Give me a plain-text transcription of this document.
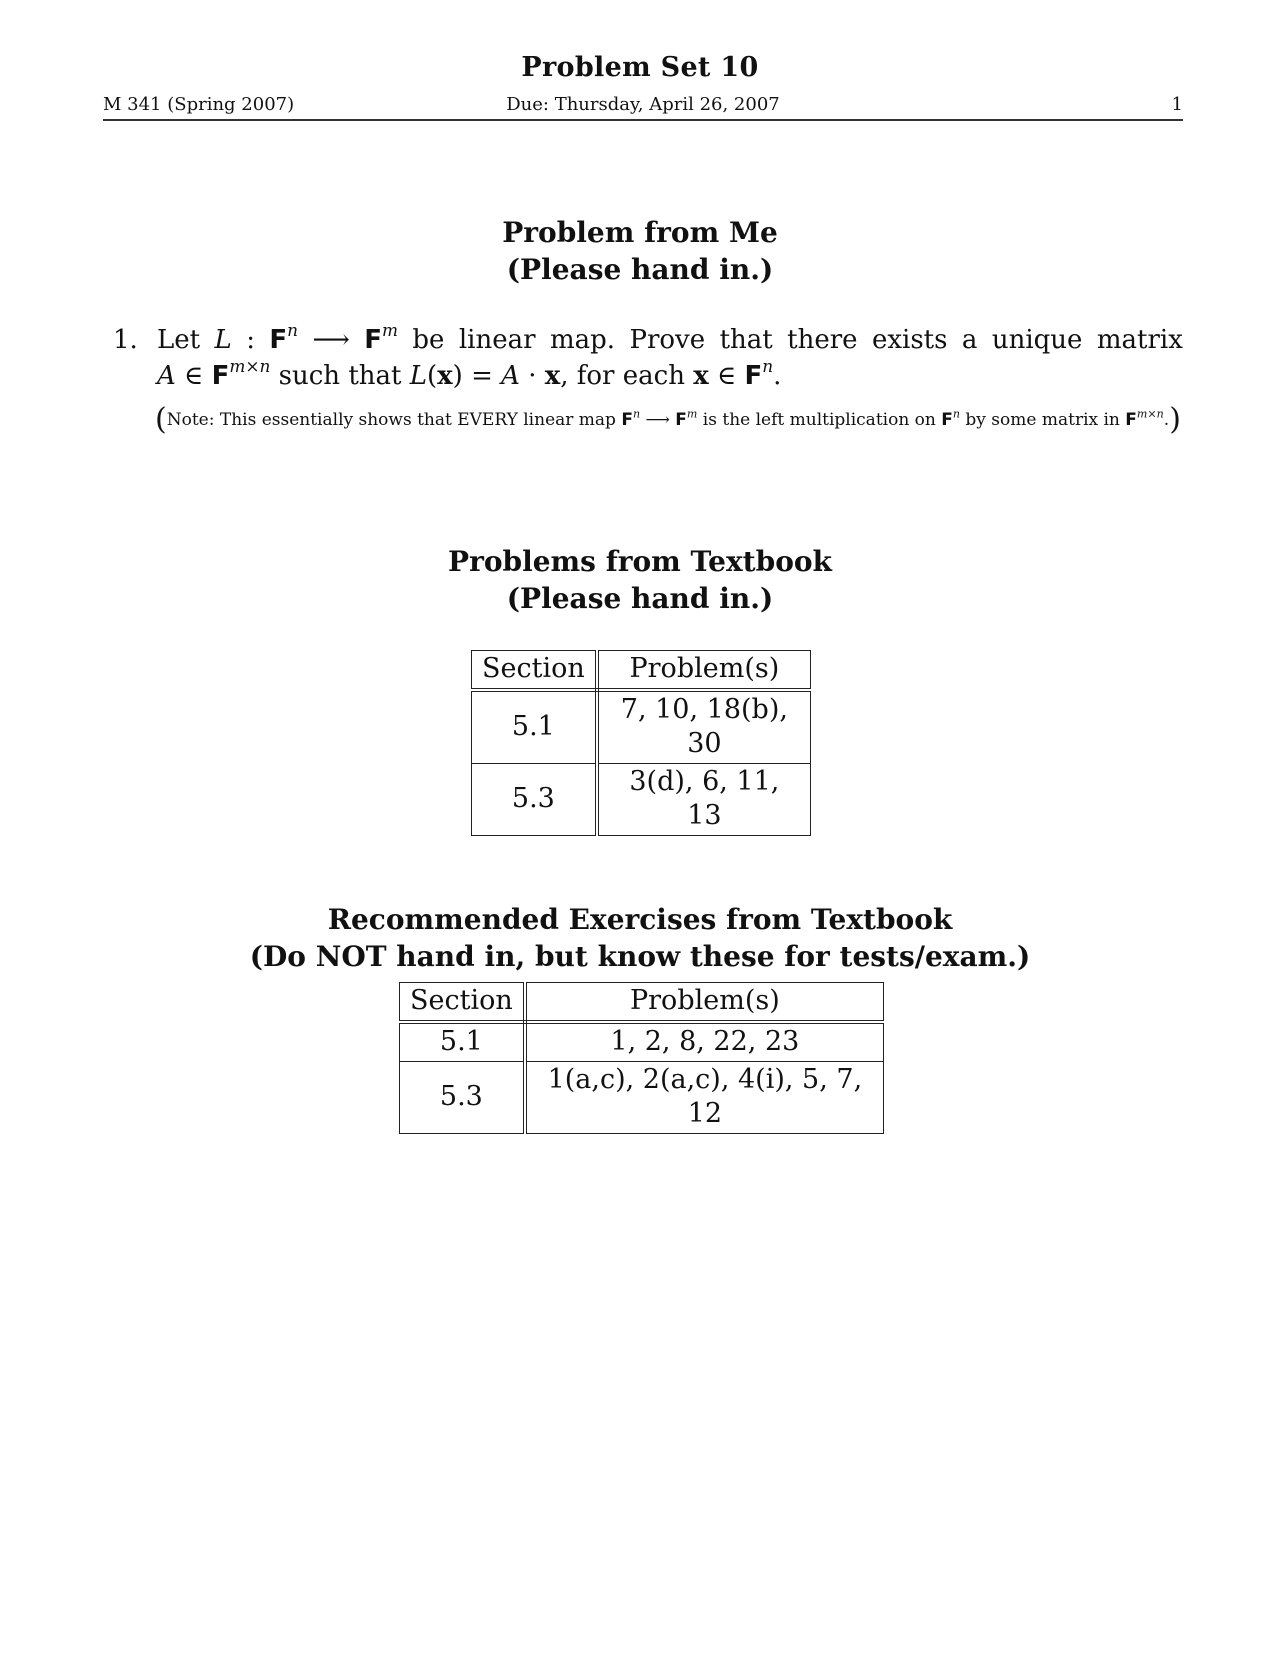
Problem Set 10
M 341 (Spring 2007)	Due: Thursday, April 26, 2007	1
Problem from Me
(Please hand in.)
1. Let L : $F^n$ ⟶ $F^m$ be linear map. Prove that there exists a unique matrix
A ∈ $F^{m\times n}$ such that L(x) = A · x, for each x ∈ $F^n$.
(Note: This essentially shows that EVERY linear map $F^n$ ⟶ $F^m$ is the left multiplication on $F^n$ by some matrix in $F^{m\times n}$.)
Problems from Textbook
(Please hand in.)
Section	Problem(s)
5.1	7, 10, 18(b), 30
5.3	3(d), 6, 11, 13
Recommended Exercises from Textbook
(Do NOT hand in, but know these for tests/exam.)
Section	Problem(s)
5.1	1, 2, 8, 22, 23
5.3	1(a,c), 2(a,c), 4(i), 5, 7, 12
